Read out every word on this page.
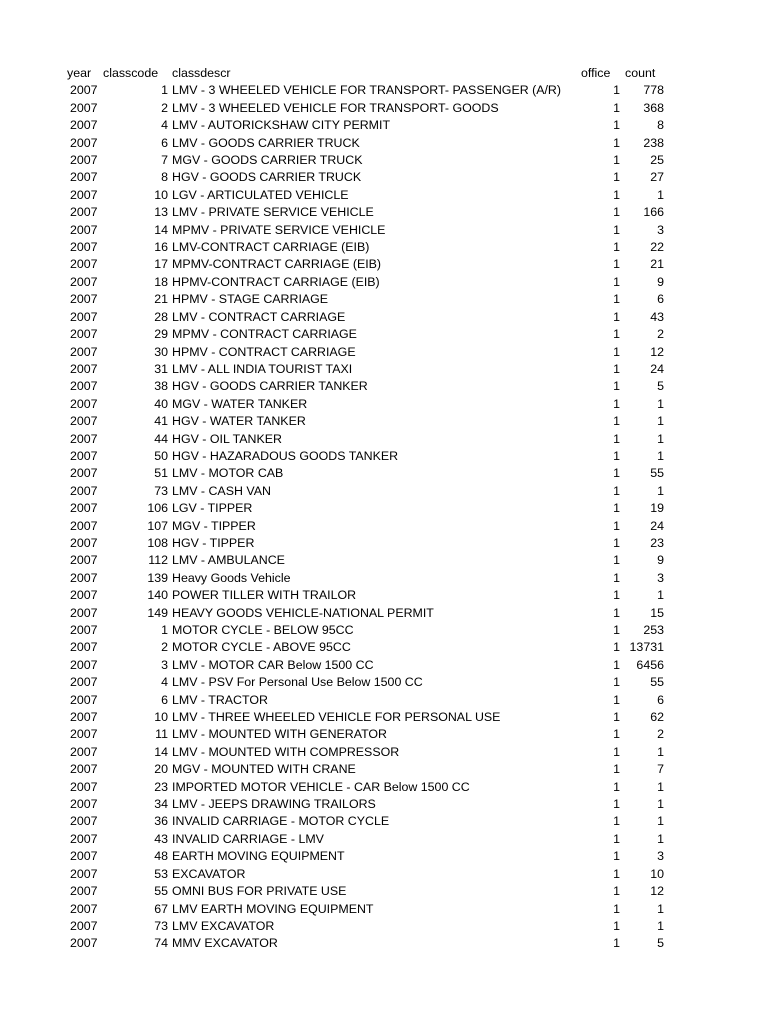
year classcode classdescr	office count
2007	1 LMV - 3 WHEELED VEHICLE FOR TRANSPORT- PASSENGER (A/R)	1 778
2007	2 LMV - 3 WHEELED VEHICLE FOR TRANSPORT- GOODS	1 368
2007	4 LMV - AUTORICKSHAW CITY PERMIT	1	8
2007	6 LMV - GOODS CARRIER TRUCK	1 238
2007	7 MGV - GOODS CARRIER TRUCK	1 25
2007	8 HGV - GOODS CARRIER TRUCK	1 27
2007	10 LGV - ARTICULATED VEHICLE	1	1
2007	13 LMV - PRIVATE SERVICE VEHICLE	1 166
2007	14 MPMV - PRIVATE SERVICE VEHICLE	1	3
2007	16 LMV-CONTRACT CARRIAGE (EIB)	1 22
2007	17 MPMV-CONTRACT CARRIAGE (EIB)	1 21
2007	18 HPMV-CONTRACT CARRIAGE (EIB)	1	9
2007	21 HPMV - STAGE CARRIAGE	1	6
2007	28 LMV - CONTRACT CARRIAGE	1 43
2007	29 MPMV - CONTRACT CARRIAGE	1	2
2007	30 HPMV - CONTRACT CARRIAGE	1 12
2007	31 LMV - ALL INDIA TOURIST TAXI	1 24
2007	38 HGV - GOODS CARRIER TANKER	1	5
2007	40 MGV - WATER TANKER	1	1
2007	41 HGV - WATER TANKER	1	1
2007	44 HGV - OIL TANKER	1	1
2007	50 HGV - HAZARADOUS GOODS TANKER	1	1
2007	51 LMV - MOTOR CAB	1 55
2007	73 LMV - CASH VAN	1	1
2007	106 LGV - TIPPER	1 19
2007	107 MGV - TIPPER	1 24
2007	108 HGV - TIPPER	1 23
2007	112 LMV - AMBULANCE	1	9
2007	139 Heavy Goods Vehicle	1	3
2007	140 POWER TILLER WITH TRAILOR	1	1
2007	149 HEAVY GOODS VEHICLE-NATIONAL PERMIT	1 15
2007	1 MOTOR CYCLE - BELOW 95CC	1 253
2007	2 MOTOR CYCLE - ABOVE 95CC	1 13731
2007	3 LMV - MOTOR CAR Below 1500 CC	1 6456
2007	4 LMV - PSV For Personal Use Below 1500 CC	1 55
2007	6 LMV - TRACTOR	1	6
2007	10 LMV - THREE WHEELED VEHICLE FOR PERSONAL USE	1 62
2007	11 LMV - MOUNTED WITH GENERATOR	1	2
2007	14 LMV - MOUNTED WITH COMPRESSOR	1	1
2007	20 MGV - MOUNTED WITH CRANE	1	7
2007	23 IMPORTED MOTOR VEHICLE - CAR Below 1500 CC	1	1
2007	34 LMV - JEEPS DRAWING TRAILORS	1	1
2007	36 INVALID CARRIAGE - MOTOR CYCLE	1	1
2007	43 INVALID CARRIAGE - LMV	1	1
2007	48 EARTH MOVING EQUIPMENT	1	3
2007	53 EXCAVATOR	1 10
2007	55 OMNI BUS FOR PRIVATE USE	1 12
2007	67 LMV EARTH MOVING EQUIPMENT	1	1
2007	73 LMV EXCAVATOR	1	1
2007	74 MMV EXCAVATOR	1	5
